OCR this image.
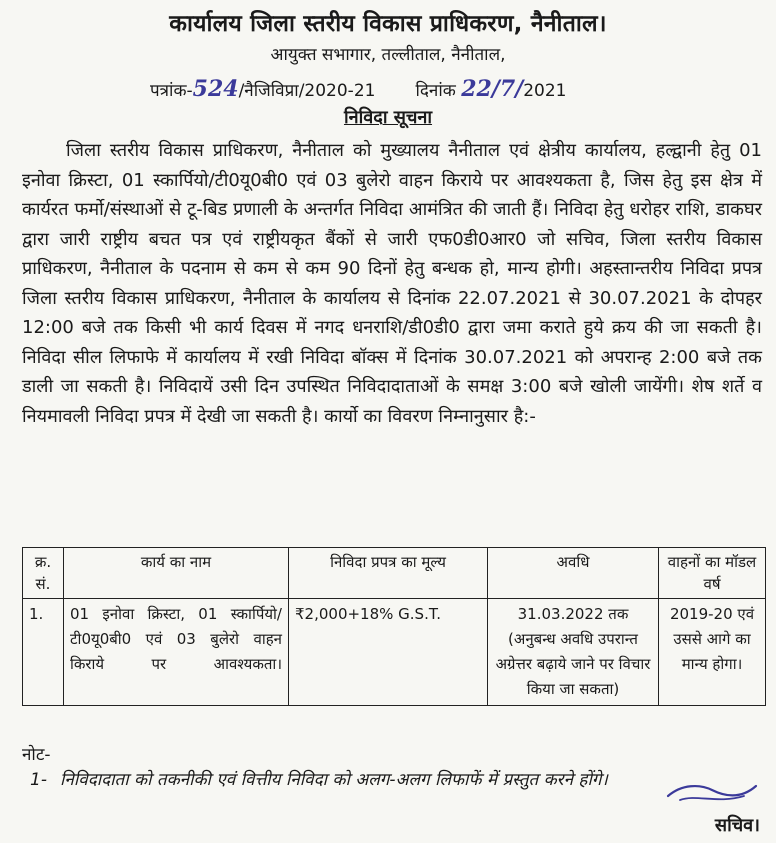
कार्यालय जिला स्तरीय विकास प्राधिकरण, नैनीताल।
आयुक्त सभागार, तल्लीताल, नैनीताल,
पत्रांक-524/नैजिविप्रा/2020-21 दिनांक 22/7/2021
निविदा सूचना
जिला स्तरीय विकास प्राधिकरण, नैनीताल को मुख्यालय नैनीताल एवं क्षेत्रीय कार्यालय, हल्द्वानी हेतु 01 इनोवा क्रिस्टा, 01 स्कार्पियो/टी0यू0बी0 एवं 03 बुलेरो वाहन किराये पर आवश्यकता है, जिस हेतु इस क्षेत्र में कार्यरत फर्मो/संस्थाओं से टू-बिड प्रणाली के अन्तर्गत निविदा आमंत्रित की जाती हैं। निविदा हेतु धरोहर राशि, डाकघर द्वारा जारी राष्ट्रीय बचत पत्र एवं राष्ट्रीयकृत बैंकों से जारी एफ0डी0आर0 जो सचिव, जिला स्तरीय विकास प्राधिकरण, नैनीताल के पदनाम से कम से कम 90 दिनों हेतु बन्धक हो, मान्य होगी। अहस्तान्तरीय निविदा प्रपत्र जिला स्तरीय विकास प्राधिकरण, नैनीताल के कार्यालय से दिनांक 22.07.2021 से 30.07.2021 के दोपहर 12:00 बजे तक किसी भी कार्य दिवस में नगद धनराशि/डी0डी0 द्वारा जमा कराते हुये क्रय की जा सकती है। निविदा सील लिफाफे में कार्यालय में रखी निविदा बॉक्स में दिनांक 30.07.2021 को अपरान्ह 2:00 बजे तक डाली जा सकती है। निविदायें उसी दिन उपस्थित निविदादाताओं के समक्ष 3:00 बजे खोली जायेंगी। शेष शर्ते व नियमावली निविदा प्रपत्र में देखी जा सकती है। कार्यो का विवरण निम्नानुसार है:-
क्र. सं.	कार्य का नाम	निविदा प्रपत्र का मूल्य	अवधि	वाहनों का मॉडल वर्ष
1.	01 इनोवा क्रिस्टा, 01 स्कार्पियो/टी0यू0बी0 एवं 03 बुलेरो वाहन किराये पर आवश्यकता।	₹2,000+18% G.S.T.	31.03.2022 तक (अनुबन्ध अवधि उपरान्त अग्रेत्तर बढ़ाये जाने पर विचार किया जा सकता)	2019-20 एवं उससे आगे का मान्य होगा।
नोट-
1- निविदादाता को तकनीकी एवं वित्तीय निविदा को अलग-अलग लिफाफें में प्रस्तुत करने होंगे।
सचिव।
